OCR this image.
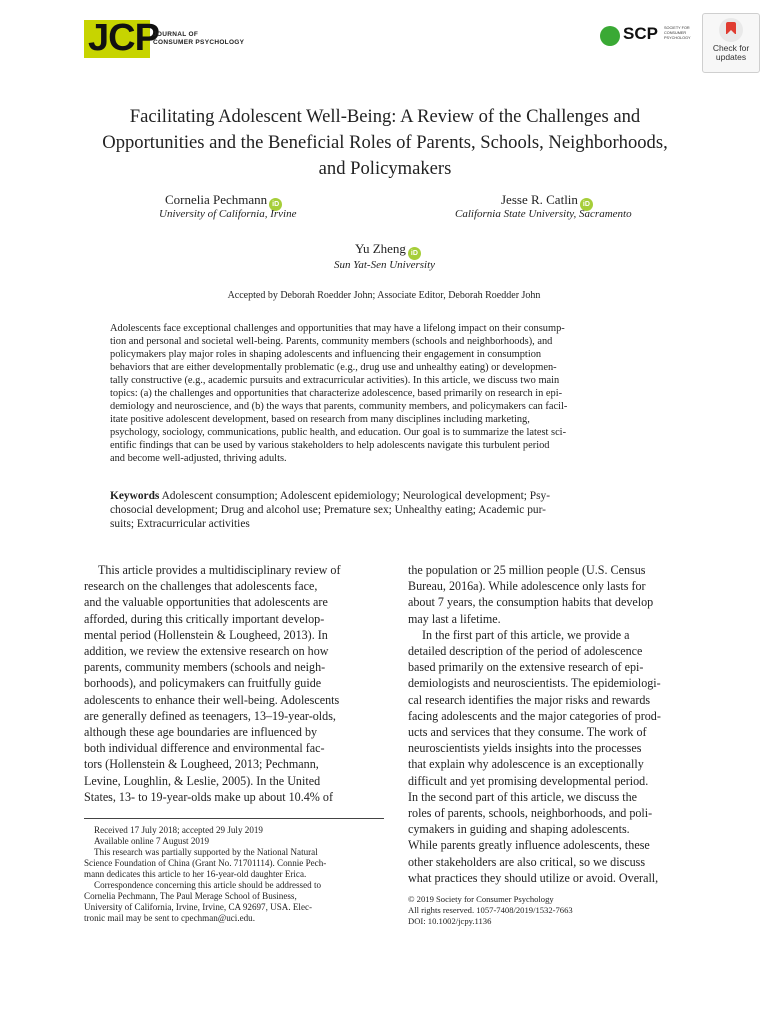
JCP
JOURNAL OF
CONSUMER PSYCHOLOGY	SCP SOCIETY FOR
CONSUMER
PSYCHOLOGY
Check for
updates
Facilitating Adolescent Well-Being: A Review of the Challenges and
Opportunities and the Beneficial Roles of Parents, Schools, Neighborhoods,
and Policymakers
Cornelia Pechmann iD
University of California, Irvine
Jesse R. Catlin iD
California State University, Sacramento
Yu Zheng iD
Sun Yat-Sen University
Accepted by Deborah Roedder John; Associate Editor, Deborah Roedder John
Adolescents face exceptional challenges and opportunities that may have a lifelong impact on their consump-
tion and personal and societal well-being. Parents, community members (schools and neighborhoods), and
policymakers play major roles in shaping adolescents and influencing their engagement in consumption
behaviors that are either developmentally problematic (e.g., drug use and unhealthy eating) or developmen-
tally constructive (e.g., academic pursuits and extracurricular activities). In this article, we discuss two main
topics: (a) the challenges and opportunities that characterize adolescence, based primarily on research in epi-
demiology and neuroscience, and (b) the ways that parents, community members, and policymakers can facil-
itate positive adolescent development, based on research from many disciplines including marketing,
psychology, sociology, communications, public health, and education. Our goal is to summarize the latest sci-
entific findings that can be used by various stakeholders to help adolescents navigate this turbulent period
and become well-adjusted, thriving adults.
Keywords Adolescent consumption; Adolescent epidemiology; Neurological development; Psy-
chosocial development; Drug and alcohol use; Premature sex; Unhealthy eating; Academic pur-
suits; Extracurricular activities

This article provides a multidisciplinary review of
research on the challenges that adolescents face,
and the valuable opportunities that adolescents are
afforded, during this critically important develop-
mental period (Hollenstein & Lougheed, 2013). In
addition, we review the extensive research on how
parents, community members (schools and neigh-
borhoods), and policymakers can fruitfully guide
adolescents to enhance their well-being. Adolescents
are generally defined as teenagers, 13–19-year-olds,
although these age boundaries are influenced by
both individual difference and environmental fac-
tors (Hollenstein & Lougheed, 2013; Pechmann,
Levine, Loughlin, & Leslie, 2005). In the United
States, 13- to 19-year-olds make up about 10.4% of

the population or 25 million people (U.S. Census
Bureau, 2016a). While adolescence only lasts for
about 7 years, the consumption habits that develop
may last a lifetime.

In the first part of this article, we provide a
detailed description of the period of adolescence
based primarily on the extensive research of epi-
demiologists and neuroscientists. The epidemiologi-
cal research identifies the major risks and rewards
facing adolescents and the major categories of prod-
ucts and services that they consume. The work of
neuroscientists yields insights into the processes
that explain why adolescence is an exceptionally
difficult and yet promising developmental period.
In the second part of this article, we discuss the
roles of parents, schools, neighborhoods, and poli-
cymakers in guiding and shaping adolescents.
While parents greatly influence adolescents, these
other stakeholders are also critical, so we discuss
what practices they should utilize or avoid. Overall,

Received 17 July 2018; accepted 29 July 2019

Available online 7 August 2019

This research was partially supported by the National Natural
Science Foundation of China (Grant No. 71701114). Connie Pech-
mann dedicates this article to her 16-year-old daughter Erica.

Correspondence concerning this article should be addressed to
Cornelia Pechmann, The Paul Merage School of Business,
University of California, Irvine, Irvine, CA 92697, USA. Elec-
tronic mail may be sent to cpechman@uci.edu.

© 2019 Society for Consumer Psychology

All rights reserved. 1057-7408/2019/1532-7663

DOI: 10.1002/jcpy.1136
